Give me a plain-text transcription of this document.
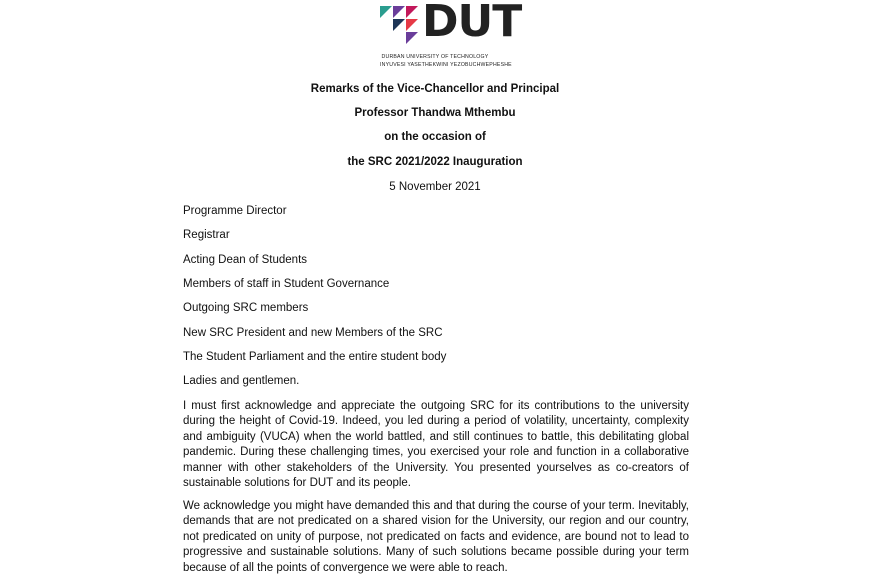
DUT
DURBAN UNIVERSITY OF TECHNOLOGY
INYUVESI YASETHEKWINI YEZOBUCHWEPHESHE
Remarks of the Vice-Chancellor and Principal
Professor Thandwa Mthembu
on the occasion of
the SRC 2021/2022 Inauguration
5 November 2021
Programme Director
Registrar
Acting Dean of Students
Members of staff in Student Governance
Outgoing SRC members
New SRC President and new Members of the SRC
The Student Parliament and the entire student body
Ladies and gentlemen.
I must first acknowledge and appreciate the outgoing SRC for its contributions to the university during the height of Covid-19. Indeed, you led during a period of volatility, uncertainty, complexity and ambiguity (VUCA) when the world battled, and still continues to battle, this debilitating global pandemic. During these challenging times, you exercised your role and function in a collaborative manner with other stakeholders of the University. You presented yourselves as co-creators of sustainable solutions for DUT and its people.
We acknowledge you might have demanded this and that during the course of your term. Inevitably, demands that are not predicated on a shared vision for the University, our region and our country, not predicated on unity of purpose, not predicated on facts and evidence, are bound not to lead to progressive and sustainable solutions. Many of such solutions became possible during your term because of all the points of convergence we were able to reach.
